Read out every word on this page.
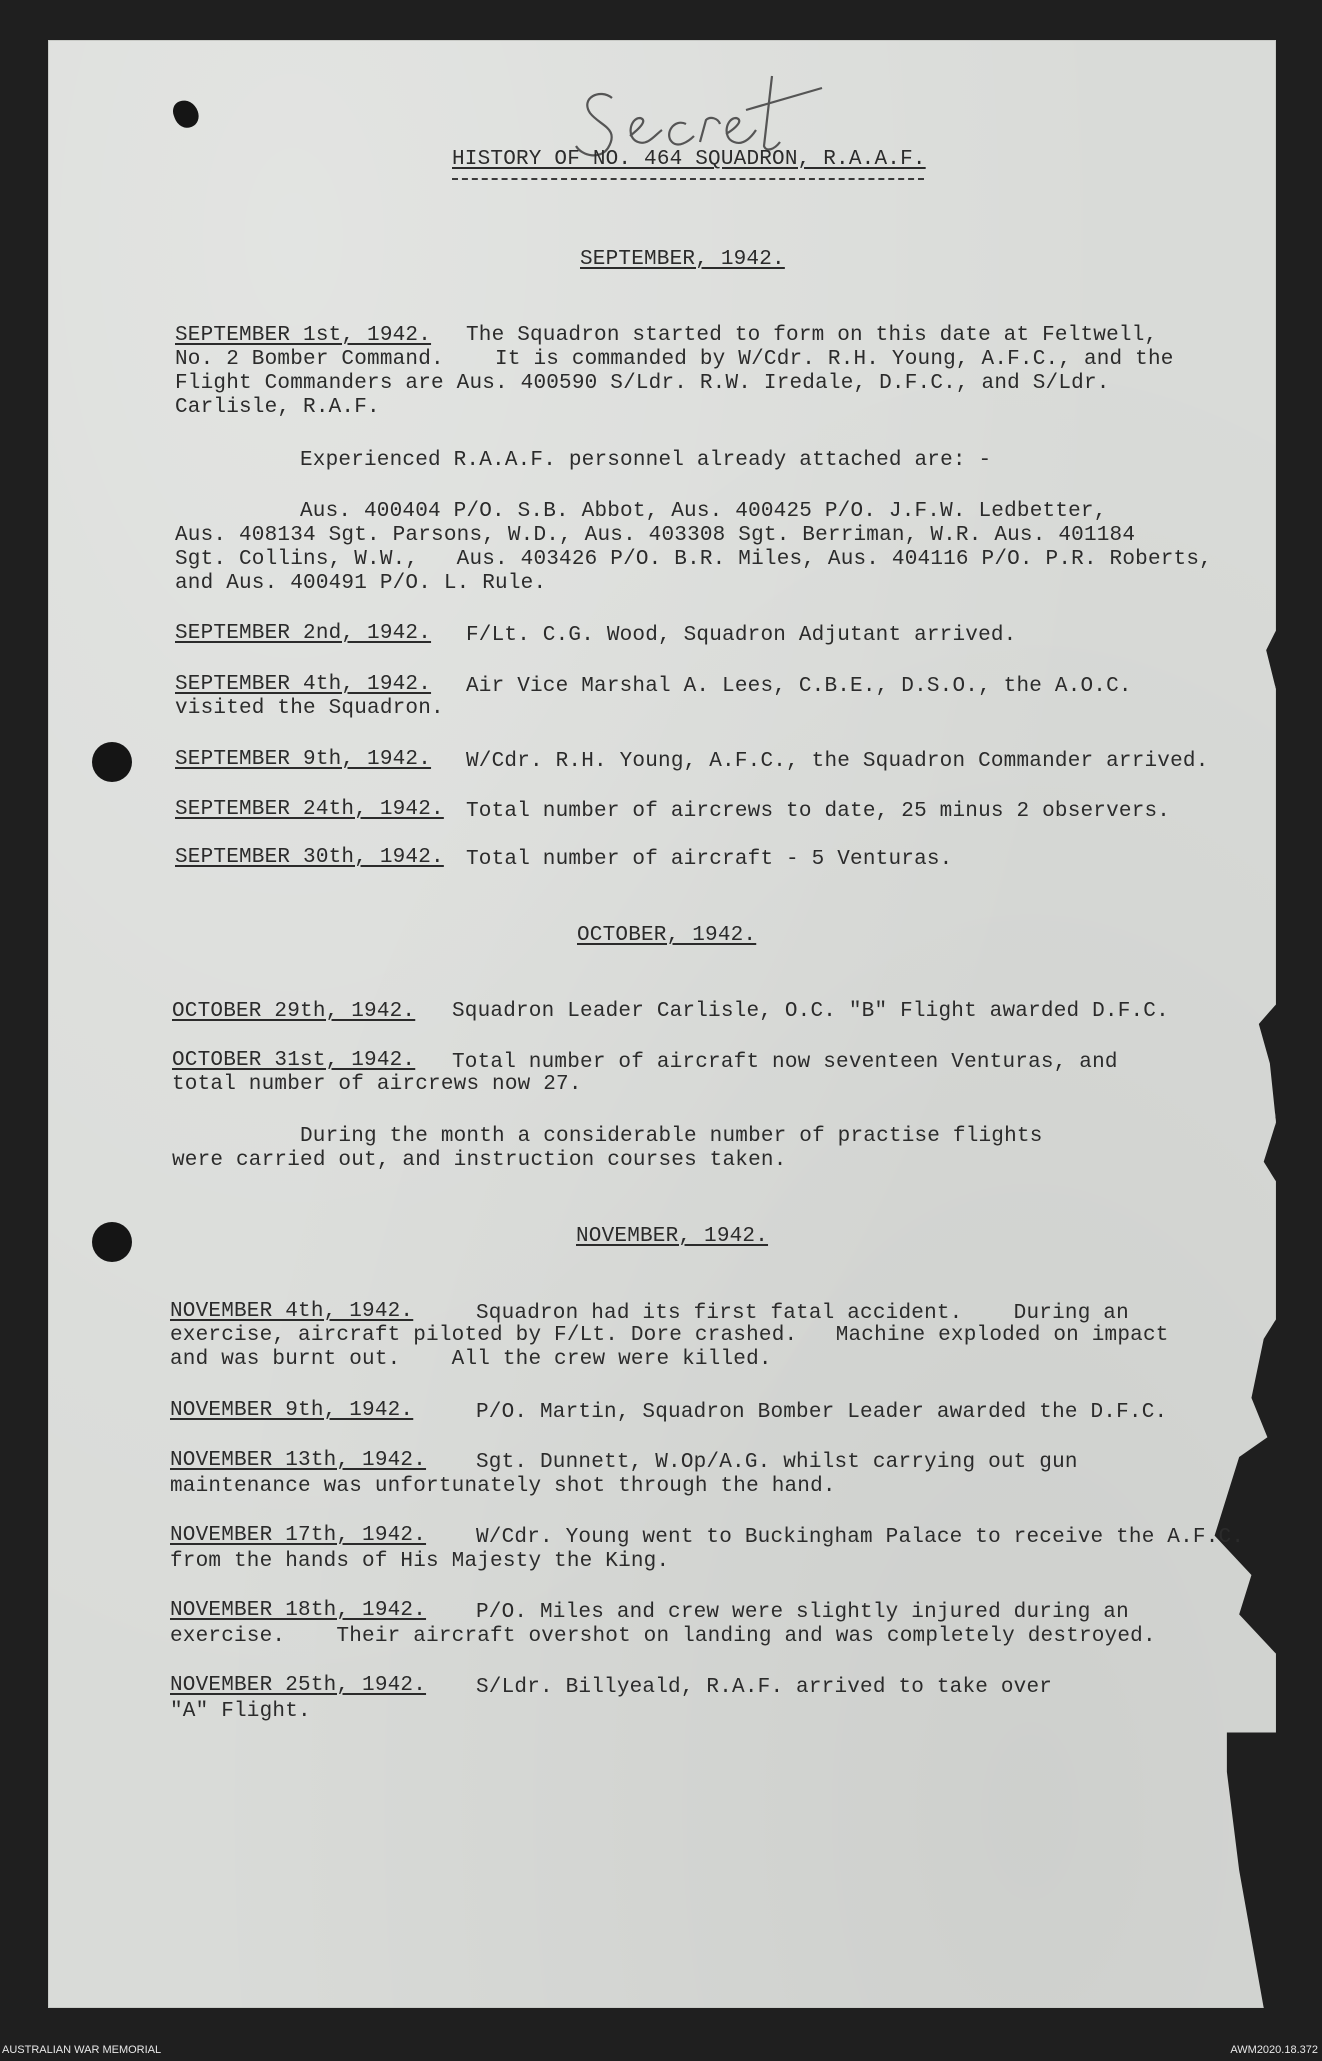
HISTORY OF NO. 464 SQUADRON, R.A.A.F.
SEPTEMBER, 1942.
SEPTEMBER 1st, 1942. The Squadron started to form on this date at Feltwell,
No. 2 Bomber Command.    It is commanded by W/Cdr. R.H. Young, A.F.C., and the
Flight Commanders are Aus. 400590 S/Ldr. R.W. Iredale, D.F.C., and S/Ldr.
Carlisle, R.A.F.
Experienced R.A.A.F. personnel already attached are: -
Aus. 400404 P/O. S.B. Abbot, Aus. 400425 P/O. J.F.W. Ledbetter,
Aus. 408134 Sgt. Parsons, W.D., Aus. 403308 Sgt. Berriman, W.R. Aus. 401184
Sgt. Collins, W.W.,   Aus. 403426 P/O. B.R. Miles, Aus. 404116 P/O. P.R. Roberts,
and Aus. 400491 P/O. L. Rule.
SEPTEMBER 2nd, 1942. F/Lt. C.G. Wood, Squadron Adjutant arrived.
SEPTEMBER 4th, 1942. Air Vice Marshal A. Lees, C.B.E., D.S.O., the A.O.C.
visited the Squadron.
SEPTEMBER 9th, 1942. W/Cdr. R.H. Young, A.F.C., the Squadron Commander arrived.
SEPTEMBER 24th, 1942. Total number of aircrews to date, 25 minus 2 observers.
SEPTEMBER 30th, 1942. Total number of aircraft - 5 Venturas.
OCTOBER, 1942.
OCTOBER 29th, 1942. Squadron Leader Carlisle, O.C. "B" Flight awarded D.F.C.
OCTOBER 31st, 1942. Total number of aircraft now seventeen Venturas, and
total number of aircrews now 27.
During the month a considerable number of practise flights
were carried out, and instruction courses taken.
NOVEMBER, 1942.
NOVEMBER 4th, 1942.	Squadron had its first fatal accident.    During an
exercise, aircraft piloted by F/Lt. Dore crashed.   Machine exploded on impact
and was burnt out.    All the crew were killed.
NOVEMBER 9th, 1942.	P/O. Martin, Squadron Bomber Leader awarded the D.F.C.
NOVEMBER 13th, 1942. Sgt. Dunnett, W.Op/A.G. whilst carrying out gun
maintenance was unfortunately shot through the hand.
NOVEMBER 17th, 1942. W/Cdr. Young went to Buckingham Palace to receive the A.F.C.
from the hands of His Majesty the King.
NOVEMBER 18th, 1942. P/O. Miles and crew were slightly injured during an
exercise.    Their aircraft overshot on landing and was completely destroyed.
NOVEMBER 25th, 1942. S/Ldr. Billyeald, R.A.F. arrived to take over
"A" Flight.
AUSTRALIAN WAR MEMORIAL	AWM2020.18.372
